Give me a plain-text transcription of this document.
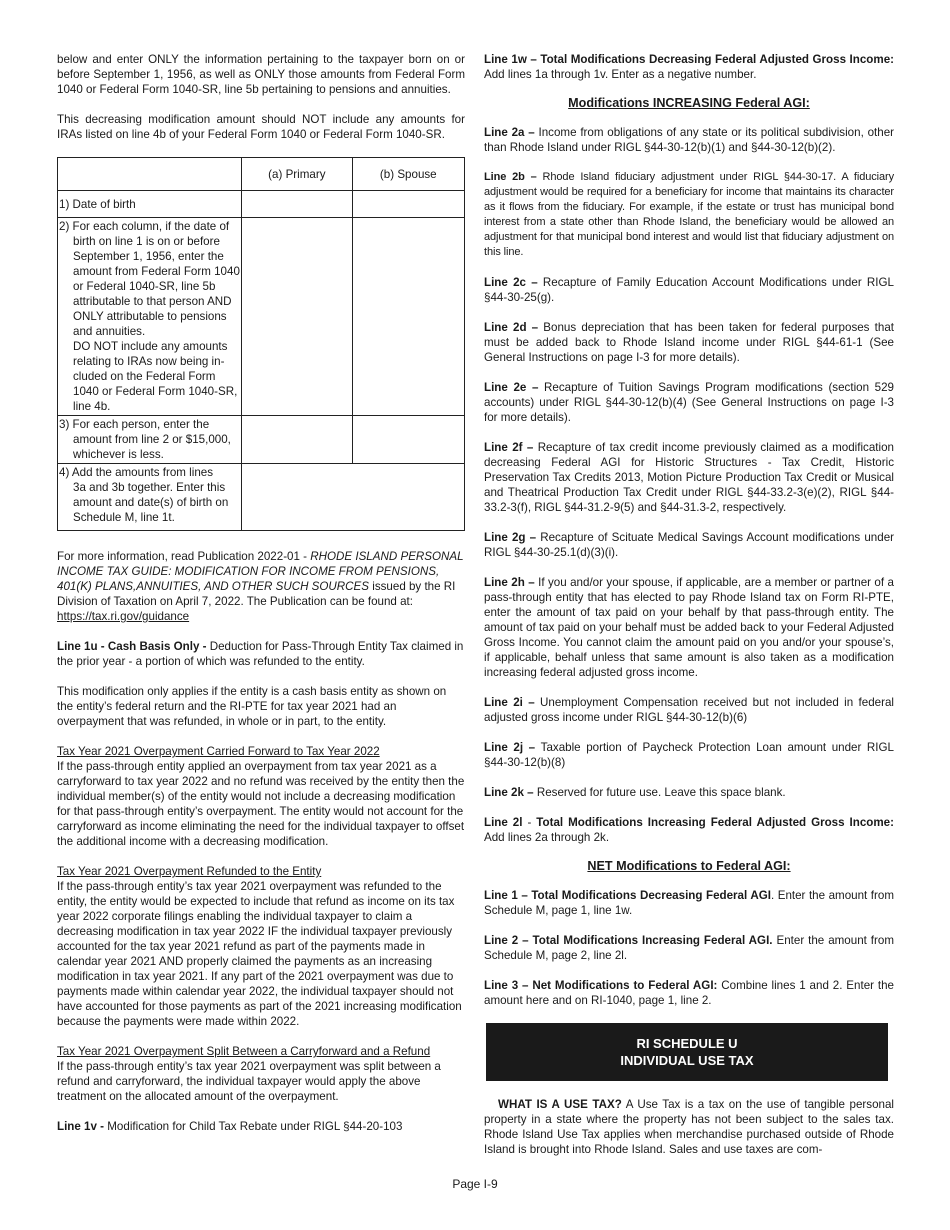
below and enter ONLY the information pertaining to the taxpayer born on or before September 1, 1956, as well as ONLY those amounts from Federal Form 1040 or Federal Form 1040-SR, line 5b pertaining to pensions and annuities.

This decreasing modification amount should NOT include any amounts for IRAs listed on line 4b of your Federal Form 1040 or Federal Form 1040-SR.

	(a) Primary	(b) Spouse
1) Date of birth		

2) For each column, if the date of
birth on line 1 is on or before September 1, 1956, enter the amount from Federal Form 1040 or Federal 1040-SR, line 5b attributable to that person AND ONLY attributable to pensions and annuities.
DO NOT include any amounts relating to IRAs now being in-cluded on the Federal Form 1040 or Federal Form 1040-SR, line 4b.		

3) For each person, enter the
amount from line 2 or $15,000, whichever is less.		

4) Add the amounts from lines
3a and 3b together. Enter this amount and date(s) of birth on Schedule M, line 1t.		

For more information, read Publication 2022-01 - RHODE ISLAND PERSONAL INCOME TAX GUIDE: MODIFICATION FOR INCOME FROM PENSIONS, 401(K) PLANS,ANNUITIES, AND OTHER SUCH SOURCES issued by the RI Division of Taxation on April 7, 2022. The Publication can be found at: https://tax.ri.gov/guidance

Line 1u - Cash Basis Only - Deduction for Pass-Through Entity Tax claimed in the prior year - a portion of which was refunded to the entity.

This modification only applies if the entity is a cash basis entity as shown on the entity’s federal return and the RI-PTE for tax year 2021 had an overpayment that was refunded, in whole or in part, to the entity.

Tax Year 2021 Overpayment Carried Forward to Tax Year 2022
If the pass-through entity applied an overpayment from tax year 2021 as a carryforward to tax year 2022 and no refund was received by the entity then the individual member(s) of the entity would not include a decreasing modification for that pass-through entity’s overpayment. The entity would not account for the carryforward as income eliminating the need for the individual taxpayer to offset the additional income with a decreasing modification.

Tax Year 2021 Overpayment Refunded to the Entity
If the pass-through entity’s tax year 2021 overpayment was refunded to the entity, the entity would be expected to include that refund as income on its tax year 2022 corporate filings enabling the individual taxpayer to claim a decreasing modification in tax year 2022 IF the individual taxpayer previously accounted for the tax year 2021 refund as part of the payments made in calendar year 2021 AND properly claimed the payments as an increasing modification in tax year 2021. If any part of the 2021 overpayment was due to payments made within calendar year 2022, the individual taxpayer should not have accounted for those payments as part of the 2021 increasing modification because the payments were made within 2022.

Tax Year 2021 Overpayment Split Between a Carryforward and a Refund
If the pass-through entity’s tax year 2021 overpayment was split between a refund and carryforward, the individual taxpayer would apply the above treatment on the allocated amount of the overpayment.

Line 1v - Modification for Child Tax Rebate under RIGL §44-20-103

Line 1w – Total Modifications Decreasing Federal Adjusted Gross Income: Add lines 1a through 1v. Enter as a negative number.

Modifications INCREASING Federal AGI:

Line 2a – Income from obligations of any state or its political subdivision, other than Rhode Island under RIGL §44-30-12(b)(1) and §44-30-12(b)(2).

Line 2b – Rhode Island fiduciary adjustment under RIGL §44-30-17. A fiduciary adjustment would be required for a beneficiary for income that maintains its character as it flows from the fiduciary. For example, if the estate or trust has municipal bond interest from a state other than Rhode Island, the beneficiary would be allowed an adjustment for that municipal bond interest and would list that fiduciary adjustment on this line.

Line 2c – Recapture of Family Education Account Modifications under RIGL §44-30-25(g).

Line 2d – Bonus depreciation that has been taken for federal purposes that must be added back to Rhode Island income under RIGL §44-61-1 (See General Instructions on page I-3 for more details).

Line 2e – Recapture of Tuition Savings Program modifications (section 529 accounts) under RIGL §44-30-12(b)(4) (See General Instructions on page I-3 for more details).

Line 2f – Recapture of tax credit income previously claimed as a modification decreasing Federal AGI for Historic Structures - Tax Credit, Historic Preservation Tax Credits 2013, Motion Picture Production Tax Credit or Musical and Theatrical Production Tax Credit under RIGL §44-33.2-3(e)(2), RIGL §44-33.2-3(f), RIGL §44-31.2-9(5) and §44-31.3-2, respectively.

Line 2g – Recapture of Scituate Medical Savings Account modifications under RIGL §44-30-25.1(d)(3)(i).

Line 2h – If you and/or your spouse, if applicable, are a member or partner of a pass-through entity that has elected to pay Rhode Island tax on Form RI-PTE, enter the amount of tax paid on your behalf by that pass-through entity. The amount of tax paid on your behalf must be added back to your Federal Adjusted Gross Income. You cannot claim the amount paid on you and/or your spouse’s, if applicable, behalf unless that same amount is also taken as a modification increasing federal adjusted gross income.

Line 2i – Unemployment Compensation received but not included in federal adjusted gross income under RIGL §44-30-12(b)(6)

Line 2j – Taxable portion of Paycheck Protection Loan amount under RIGL §44-30-12(b)(8)

Line 2k – Reserved for future use. Leave this space blank.

Line 2l - Total Modifications Increasing Federal Adjusted Gross Income: Add lines 2a through 2k.

NET Modifications to Federal AGI:

Line 1 – Total Modifications Decreasing Federal AGI. Enter the amount from Schedule M, page 1, line 1w.

Line 2 – Total Modifications Increasing Federal AGI. Enter the amount from Schedule M, page 2, line 2l.

Line 3 – Net Modifications to Federal AGI: Combine lines 1 and 2. Enter the amount here and on RI-1040, page 1, line 2.

RI SCHEDULE U
INDIVIDUAL USE TAX

WHAT IS A USE TAX? A Use Tax is a tax on the use of tangible personal property in a state where the property has not been subject to the sales tax. Rhode Island Use Tax applies when merchandise purchased outside of Rhode Island is brought into Rhode Island. Sales and use taxes are com-

Page I-9
